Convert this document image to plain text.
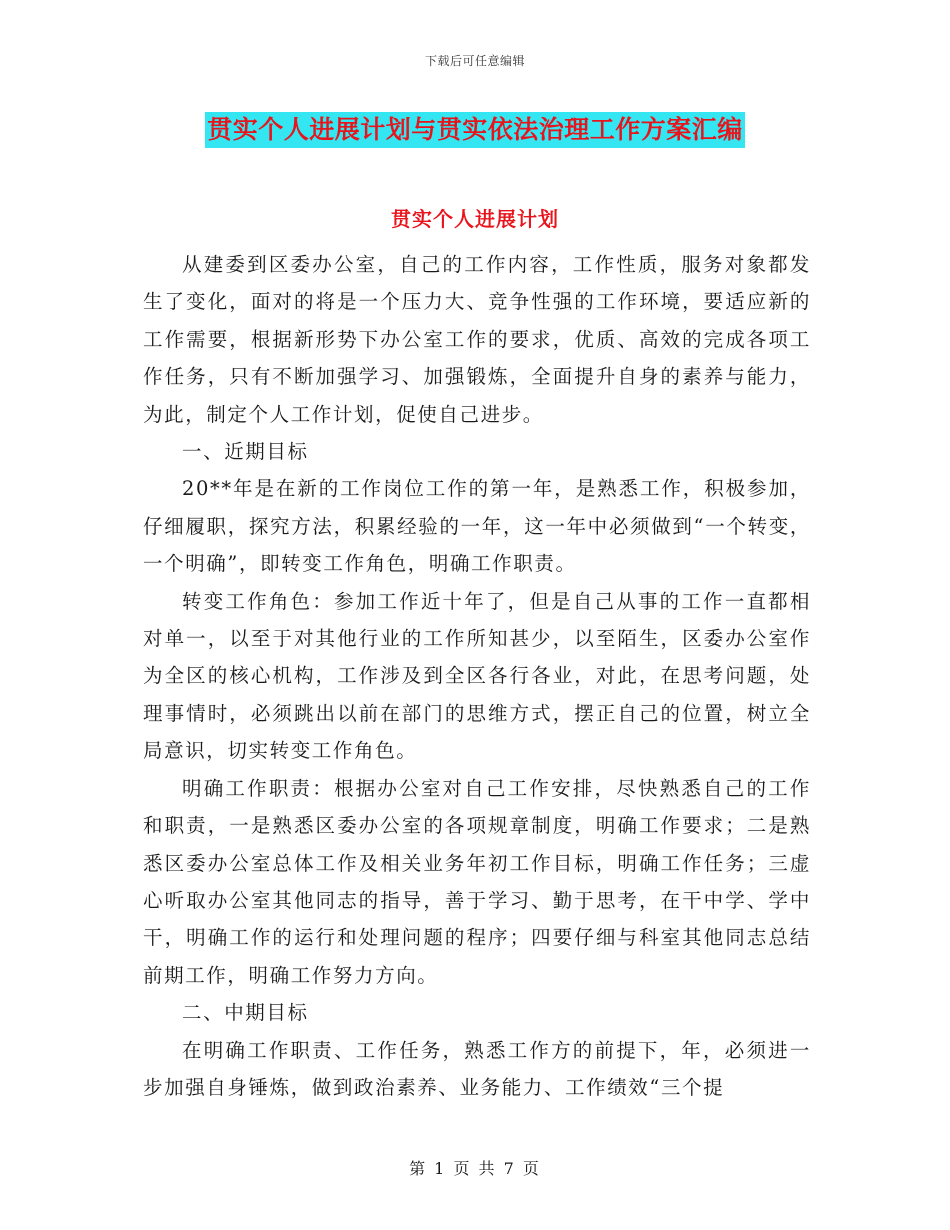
下载后可任意编辑
贯实个人进展计划与贯实依法治理工作方案汇编
贯实个人进展计划

从建委到区委办公室，自己的工作内容，工作性质，服务对象都发生了变化，面对的将是一个压力大、竞争性强的工作环境，要适应新的工作需要，根据新形势下办公室工作的要求，优质、高效的完成各项工作任务，只有不断加强学习、加强锻炼，全面提升自身的素养与能力，为此，制定个人工作计划，促使自己进步。

一、近期目标

20**年是在新的工作岗位工作的第一年，是熟悉工作，积极参加，仔细履职，探究方法，积累经验的一年，这一年中必须做到“一个转变，一个明确”，即转变工作角色，明确工作职责。

转变工作角色：参加工作近十年了，但是自己从事的工作一直都相对单一，以至于对其他行业的工作所知甚少，以至陌生，区委办公室作为全区的核心机构，工作涉及到全区各行各业，对此，在思考问题，处理事情时，必须跳出以前在部门的思维方式，摆正自己的位置，树立全局意识，切实转变工作角色。

明确工作职责：根据办公室对自己工作安排，尽快熟悉自己的工作和职责，一是熟悉区委办公室的各项规章制度，明确工作要求；二是熟悉区委办公室总体工作及相关业务年初工作目标，明确工作任务；三虚心听取办公室其他同志的指导，善于学习、勤于思考，在干中学、学中干，明确工作的运行和处理问题的程序；四要仔细与科室其他同志总结前期工作，明确工作努力方向。

二、中期目标

在明确工作职责、工作任务，熟悉工作方的前提下，年，必须进一步加强自身锤炼，做到政治素养、业务能力、工作绩效“三个提

第 1 页 共 7 页
